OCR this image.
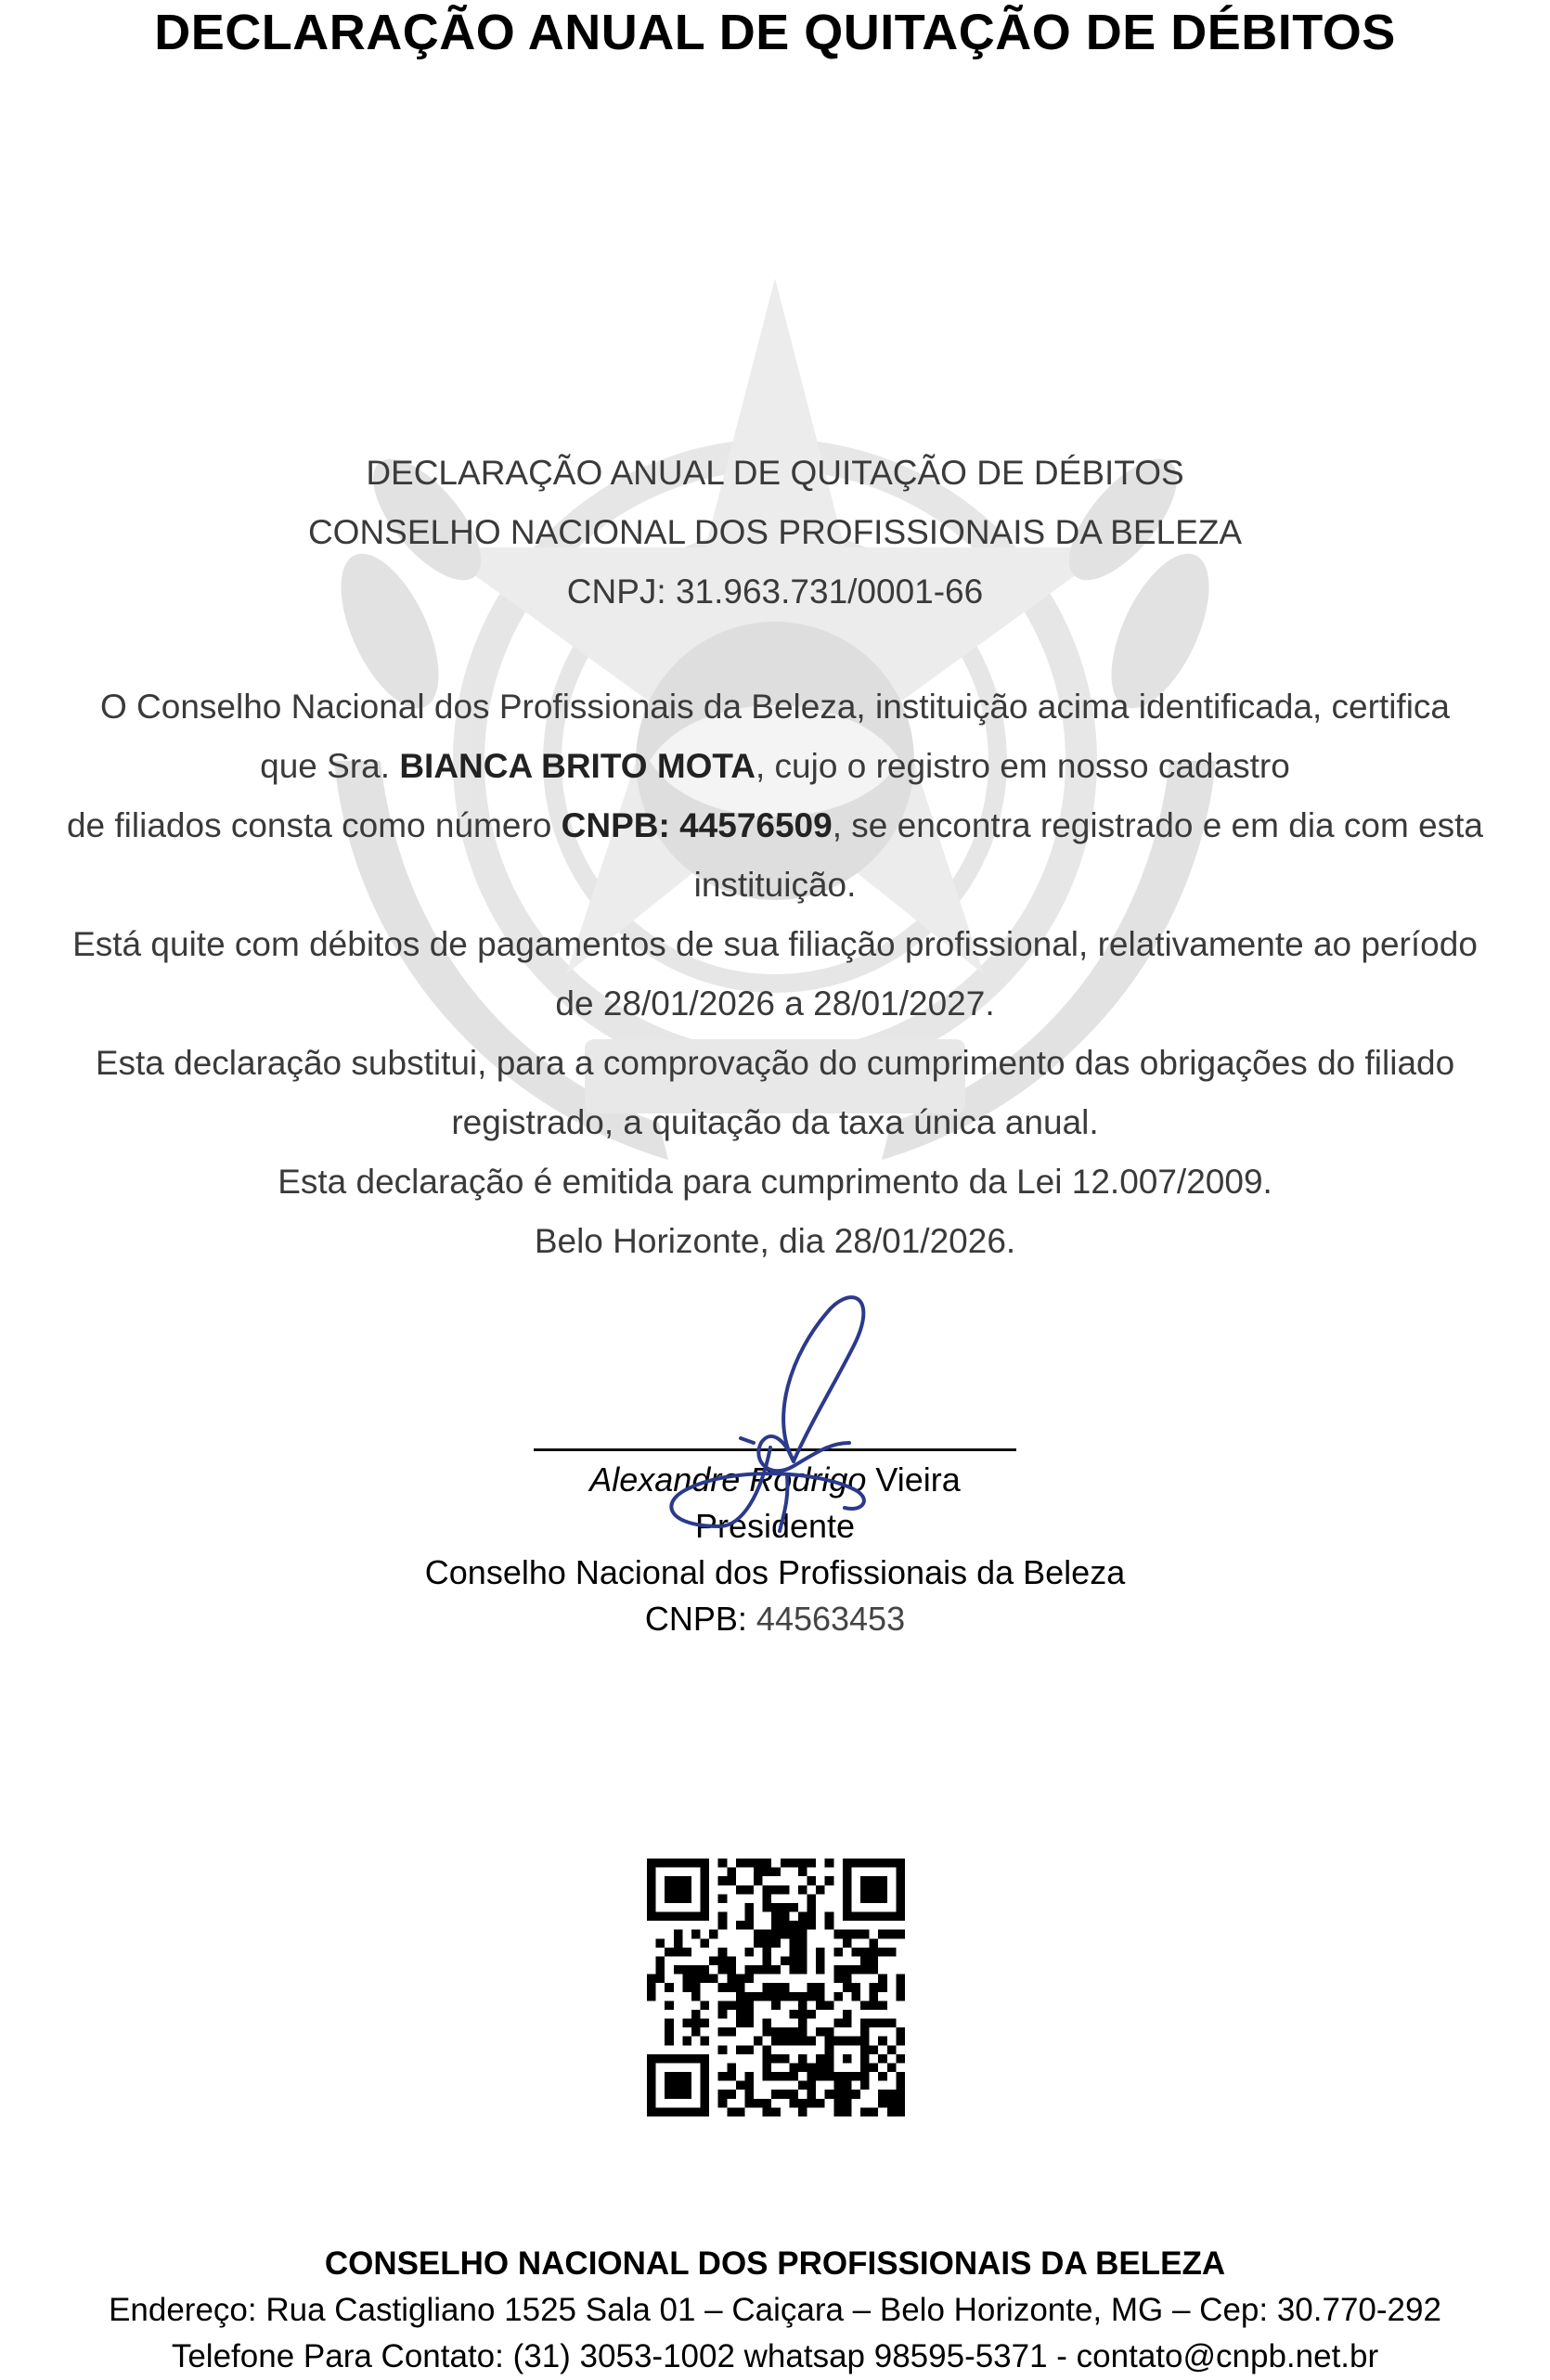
DECLARAÇÃO ANUAL DE QUITAÇÃO DE DÉBITOS

DECLARAÇÃO ANUAL DE QUITAÇÃO DE DÉBITOS

CONSELHO NACIONAL DOS PROFISSIONAIS DA BELEZA

CNPJ: 31.963.731/0001-66

O Conselho Nacional dos Profissionais da Beleza, instituição acima identificada, certifica

que Sra. BIANCA BRITO MOTA, cujo o registro em nosso cadastro

de filiados consta como número CNPB: 44576509, se encontra registrado e em dia com esta

instituição.

Está quite com débitos de pagamentos de sua filiação profissional, relativamente ao período

de 28/01/2026 a 28/01/2027.

Esta declaração substitui, para a comprovação do cumprimento das obrigações do filiado

registrado, a quitação da taxa única anual.

Esta declaração é emitida para cumprimento da Lei 12.007/2009.

Belo Horizonte, dia 28/01/2026.

Alexandre Rodrigo Vieira

Presidente

Conselho Nacional dos Profissionais da Beleza

CNPB: 44563453

CONSELHO NACIONAL DOS PROFISSIONAIS DA BELEZA

Endereço: Rua Castigliano 1525 Sala 01 – Caiçara – Belo Horizonte, MG – Cep: 30.770-292

Telefone Para Contato: (31) 3053-1002 whatsap 98595-5371 - contato@cnpb.net.br
